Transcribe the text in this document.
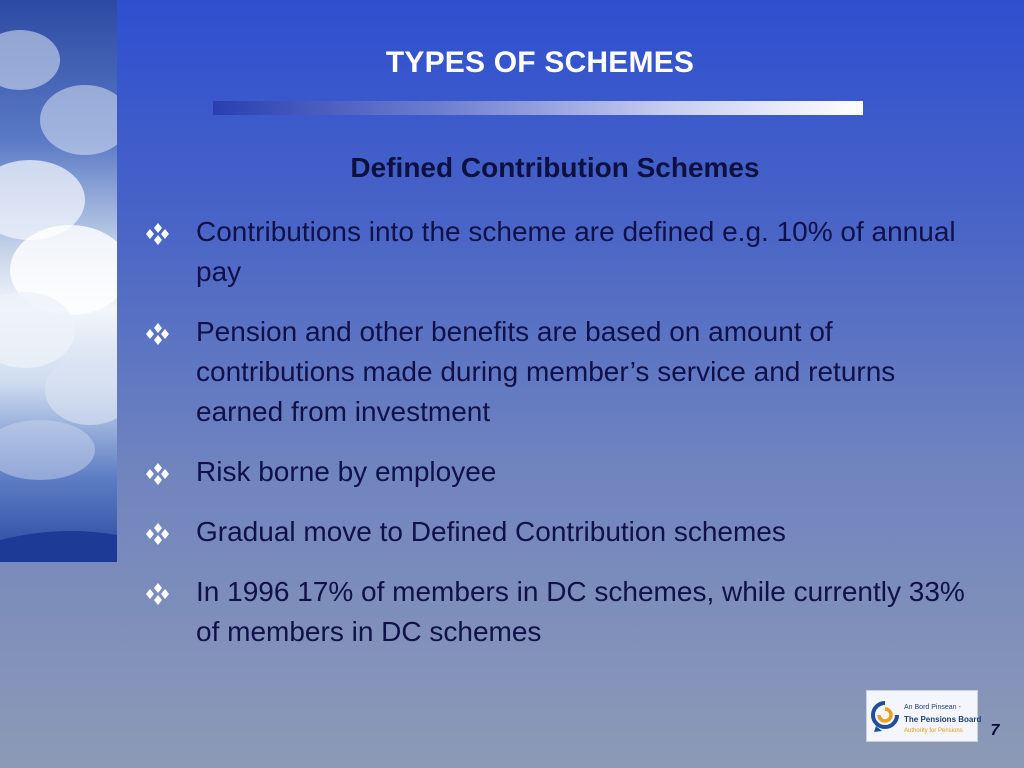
TYPES OF SCHEMES
Defined Contribution Schemes
Contributions into the scheme are defined e.g. 10% of annual pay
Pension and other benefits are based on amount of contributions made during member’s service and returns earned from investment
Risk borne by employee
Gradual move to Defined Contribution schemes
In 1996 17% of members in DC schemes, while currently 33% of members in DC schemes
An Bord Pinsean -
The Pensions Board
Authority for Pensions	7
